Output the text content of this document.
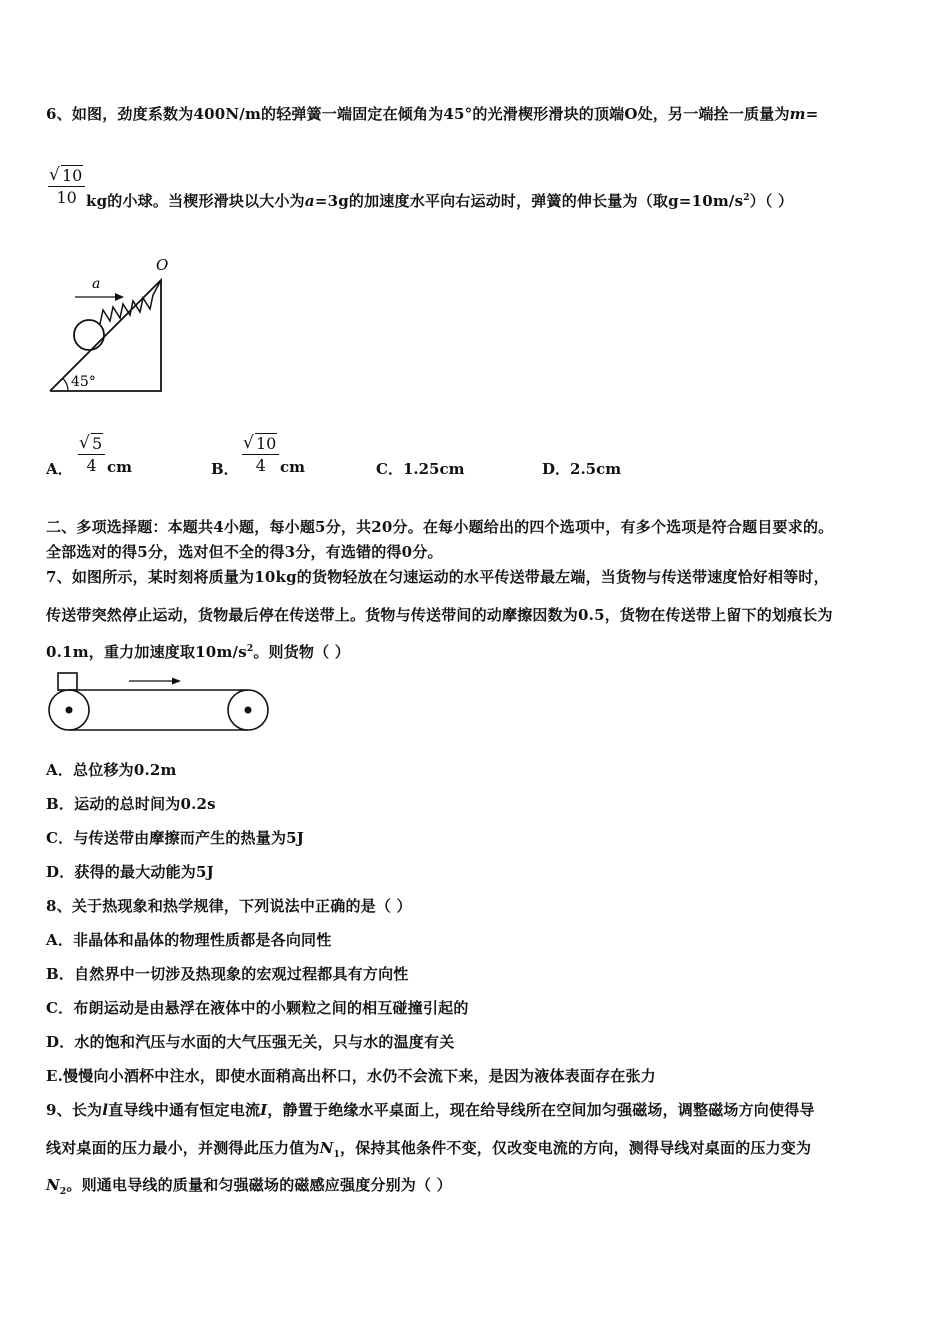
6、如图，劲度系数为400N/m的轻弹簧一端固定在倾角为45°的光滑楔形滑块的顶端O处，另一端拴一质量为m=
√ 10
10 kg的小球。当楔形滑块以大小为a=3g的加速度水平向右运动时，弹簧的伸长量为（取$g=10m/s^2$）（ ）
a
O
45°
A．
√ 5
4 cm	B．
√ 10
4 cm	C．1.25cm	D．2.5cm
二、多项选择题：本题共4小题，每小题5分，共20分。在每小题给出的四个选项中，有多个选项是符合题目要求的。
全部选对的得5分，选对但不全的得3分，有选错的得0分。
7、如图所示，某时刻将质量为10kg的货物轻放在匀速运动的水平传送带最左端，当货物与传送带速度恰好相等时，
传送带突然停止运动，货物最后停在传送带上。货物与传送带间的动摩擦因数为0.5，货物在传送带上留下的划痕长为
0.1m，重力加速度取$10m/s^2$。则货物（ ）
A．总位移为0.2m
B．运动的总时间为0.2s
C．与传送带由摩擦而产生的热量为5J
D．获得的最大动能为5J
8、关于热现象和热学规律，下列说法中正确的是（ ）
A．非晶体和晶体的物理性质都是各向同性
B．自然界中一切涉及热现象的宏观过程都具有方向性
C．布朗运动是由悬浮在液体中的小颗粒之间的相互碰撞引起的
D．水的饱和汽压与水面的大气压强无关，只与水的温度有关
E.慢慢向小酒杯中注水，即使水面稍高出杯口，水仍不会流下来，是因为液体表面存在张力
9、长为l直导线中通有恒定电流I，静置于绝缘水平桌面上，现在给导线所在空间加匀强磁场，调整磁场方向使得导
线对桌面的压力最小，并测得此压力值为$N_1$，保持其他条件不变，仅改变电流的方向，测得导线对桌面的压力变为
$N_2$。则通电导线的质量和匀强磁场的磁感应强度分别为（ ）
